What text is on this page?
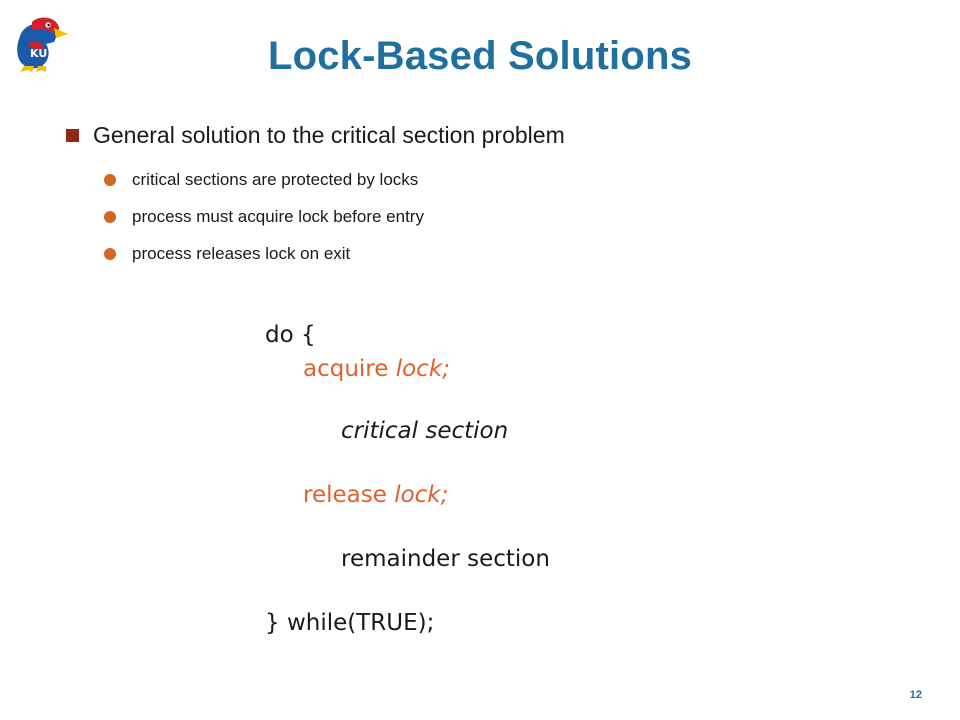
KU	Lock-Based Solutions
General solution to the critical section problem
critical sections are protected by locks
process must acquire lock before entry
process releases lock on exit
do {
acquire lock;
critical section
release lock;
remainder section
} while(TRUE);
12
